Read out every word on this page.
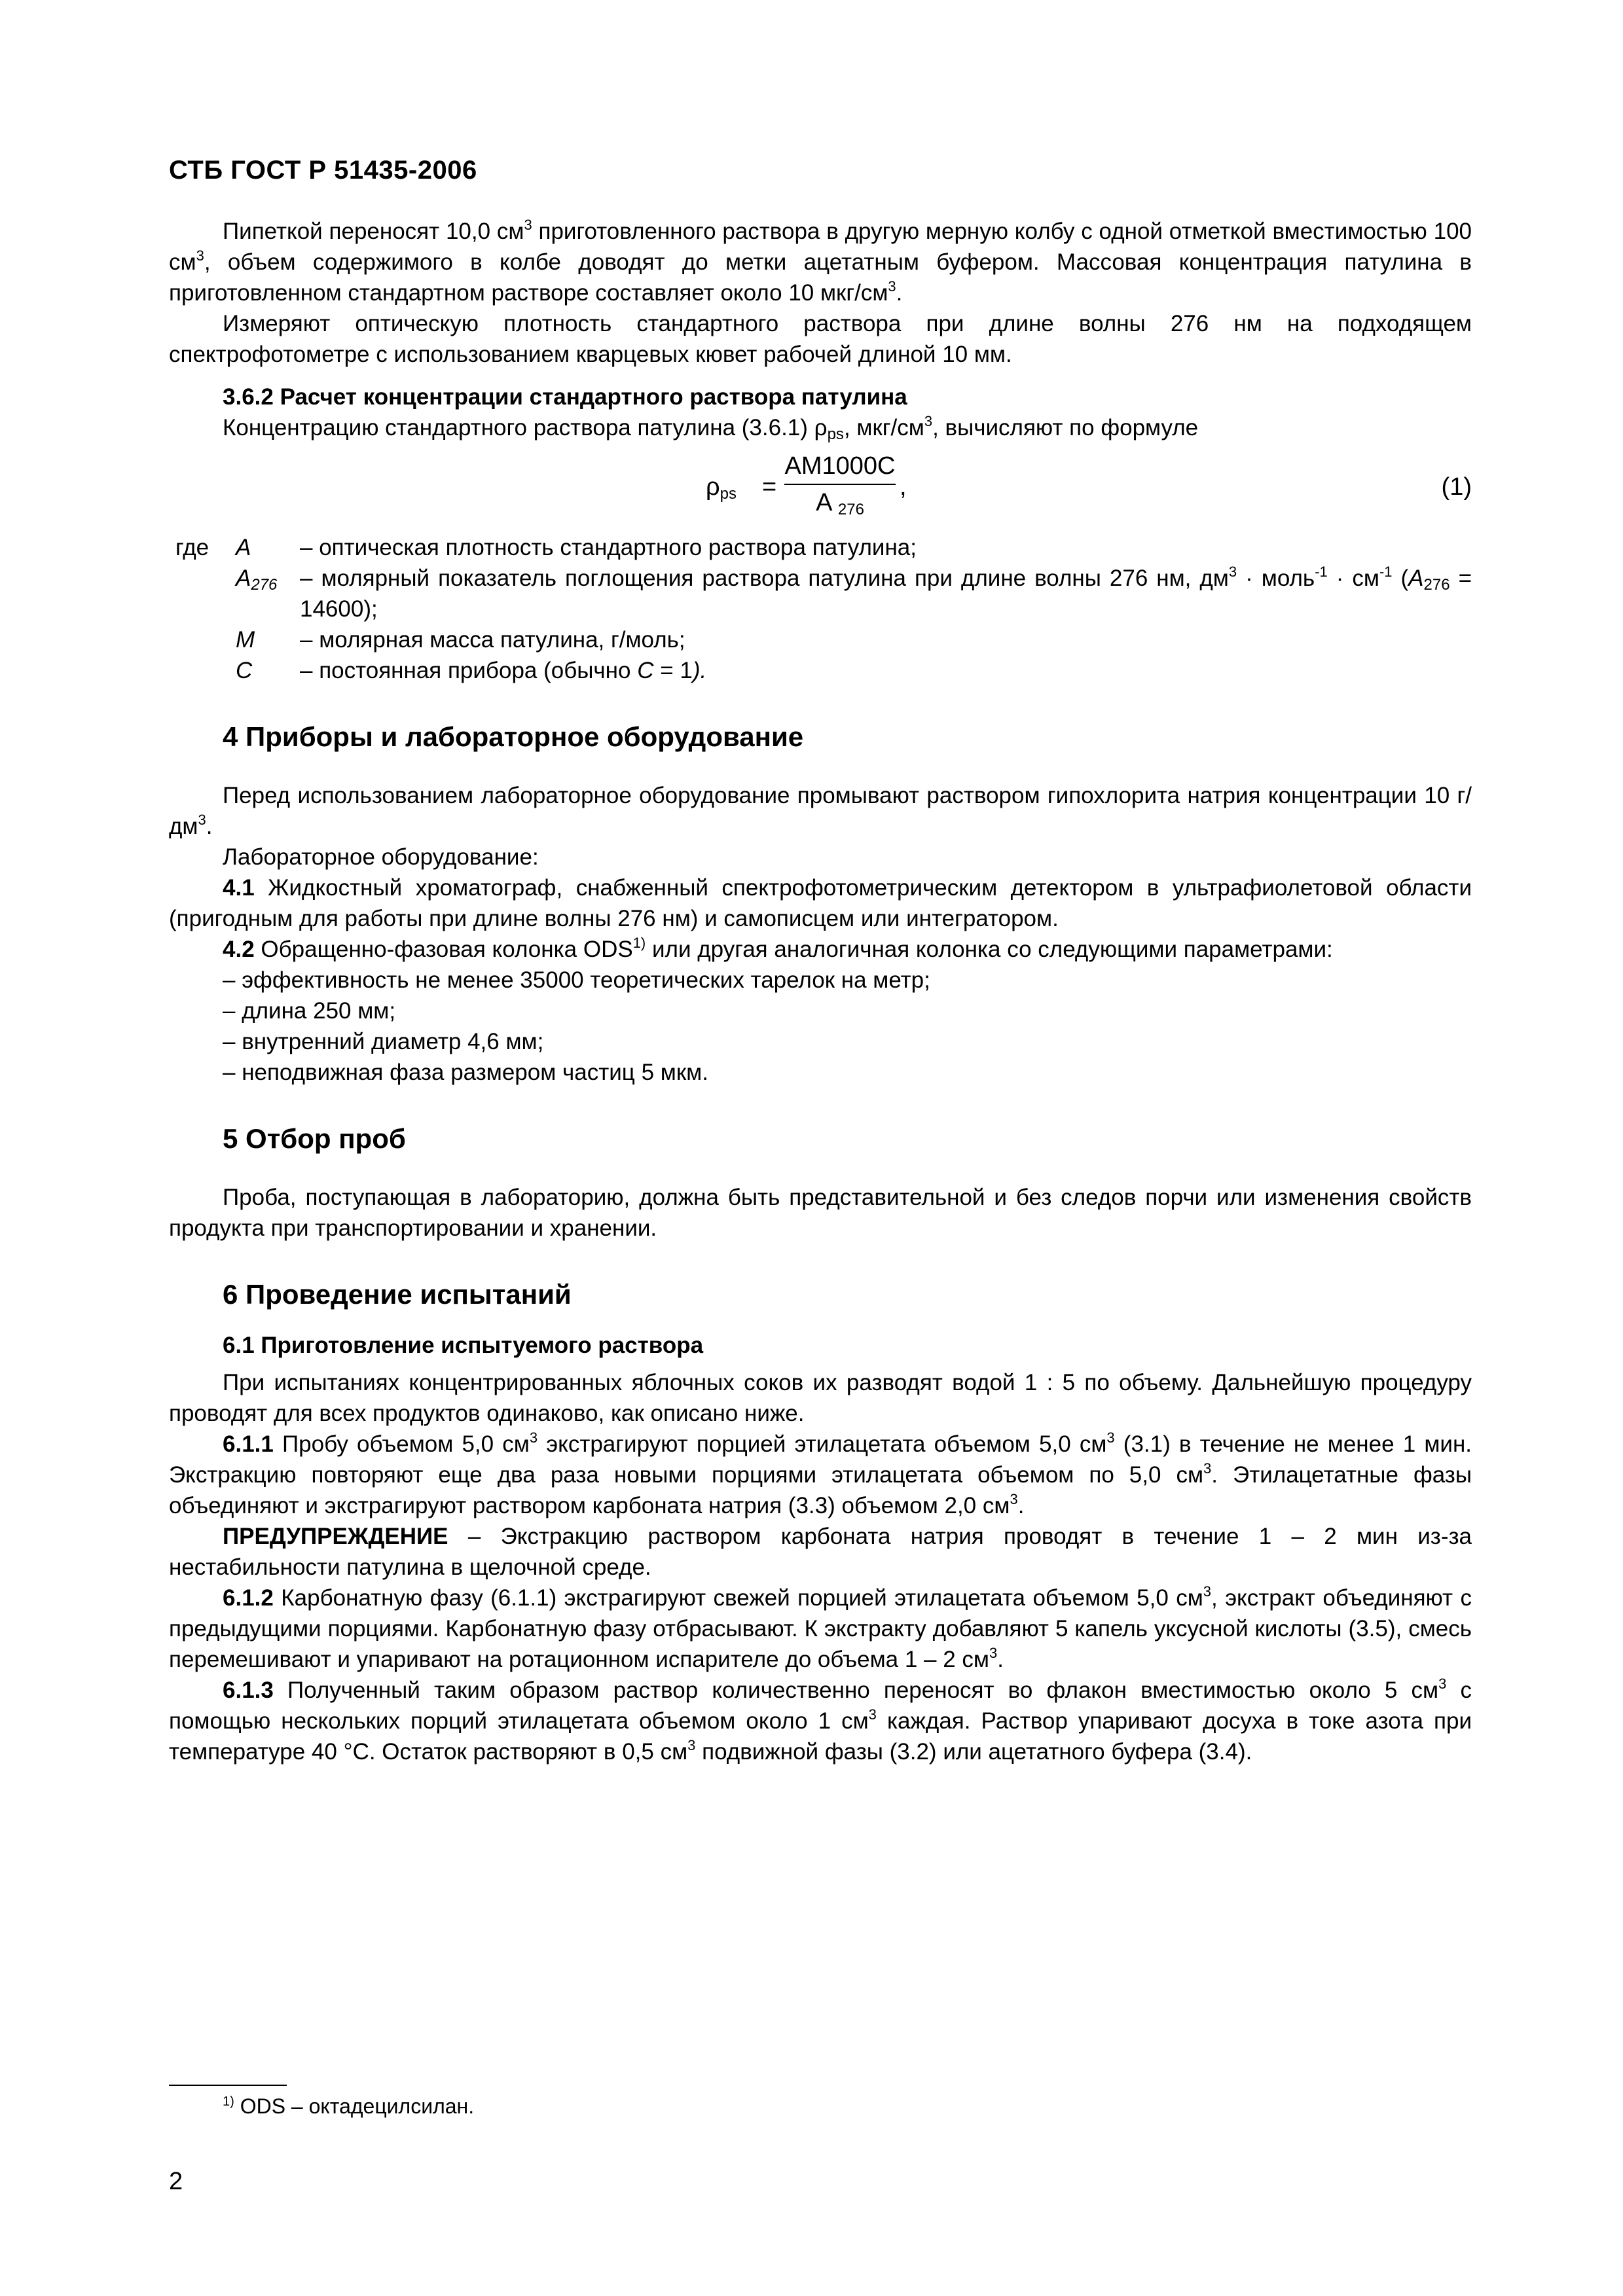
СТБ ГОСТ Р 51435-2006

Пипеткой переносят 10,0 $см^3$ приготовленного раствора в другую мерную колбу с одной отметкой вместимостью 100 $см^3$, объем содержимого в колбе доводят до метки ацетатным буфером. Массовая концентрация патулина в приготовленном стандартном растворе составляет около 10 мкг/$см^3$.

Измеряют оптическую плотность стандартного раствора при длине волны 276 нм на подходящем спектрофотометре с использованием кварцевых кювет рабочей длиной 10 мм.

3.6.2 Расчет концентрации стандартного раствора патулина

Концентрацию стандартного раствора патулина (3.6.1) $\rho_{ps}$, мкг/$см^3$, вычисляют по формуле

$\rho_{ps}$ =
AM1000C
A $_{276}$
,	(1)
где	A	– оптическая плотность стандартного раствора патулина;
$A_{276}$ – молярный показатель поглощения раствора патулина при длине волны 276 нм, $дм^3$ · моль$^{-1}$ · $см^{-1}$ $(A_{276} = 14600)$;
M	– молярная масса патулина, г/моль;
C	– постоянная прибора (обычно C = 1).
4 Приборы и лабораторное оборудование

Перед использованием лабораторное оборудование промывают раствором гипохлорита натрия концентрации 10 $г/дм^3$.

Лабораторное оборудование:

4.1 Жидкостный хроматограф, снабженный спектрофотометрическим детектором в ультрафиолетовой области (пригодным для работы при длине волны 276 нм) и самописцем или интегратором.

4.2 Обращенно-фазовая колонка ODS$^{1)}$ или другая аналогичная колонка со следующими параметрами:

– эффективность не менее 35000 теоретических тарелок на метр;

– длина 250 мм;

– внутренний диаметр 4,6 мм;

– неподвижная фаза размером частиц 5 мкм.

5 Отбор проб

Проба, поступающая в лабораторию, должна быть представительной и без следов порчи или изменения свойств продукта при транспортировании и хранении.

6 Проведение испытаний
6.1 Приготовление испытуемого раствора

При испытаниях концентрированных яблочных соков их разводят водой 1 : 5 по объему. Дальнейшую процедуру проводят для всех продуктов одинаково, как описано ниже.

6.1.1 Пробу объемом 5,0 $см^3$ экстрагируют порцией этилацетата объемом 5,0 $см^3$ (3.1) в течение не менее 1 мин. Экстракцию повторяют еще два раза новыми порциями этилацетата объемом по 5,0 $см^3$. Этилацетатные фазы объединяют и экстрагируют раствором карбоната натрия (3.3) объемом 2,0 $см^3$.

ПРЕДУПРЕЖДЕНИЕ – Экстракцию раствором карбоната натрия проводят в течение 1 – 2 мин из-за нестабильности патулина в щелочной среде.

6.1.2 Карбонатную фазу (6.1.1) экстрагируют свежей порцией этилацетата объемом 5,0 $см^3$, экстракт объединяют с предыдущими порциями. Карбонатную фазу отбрасывают. К экстракту добавляют 5 капель уксусной кислоты (3.5), смесь перемешивают и упаривают на ротационном испарителе до объема 1 – 2 $см^3$.

6.1.3 Полученный таким образом раствор количественно переносят во флакон вместимостью около 5 $см^3$ с помощью нескольких порций этилацетата объемом около 1 $см^3$ каждая. Раствор упаривают досуха в токе азота при температуре 40 °С. Остаток растворяют в 0,5 $см^3$ подвижной фазы (3.2) или ацетатного буфера (3.4).

$^{1)}$ ODS – октадецилсилан.
2
